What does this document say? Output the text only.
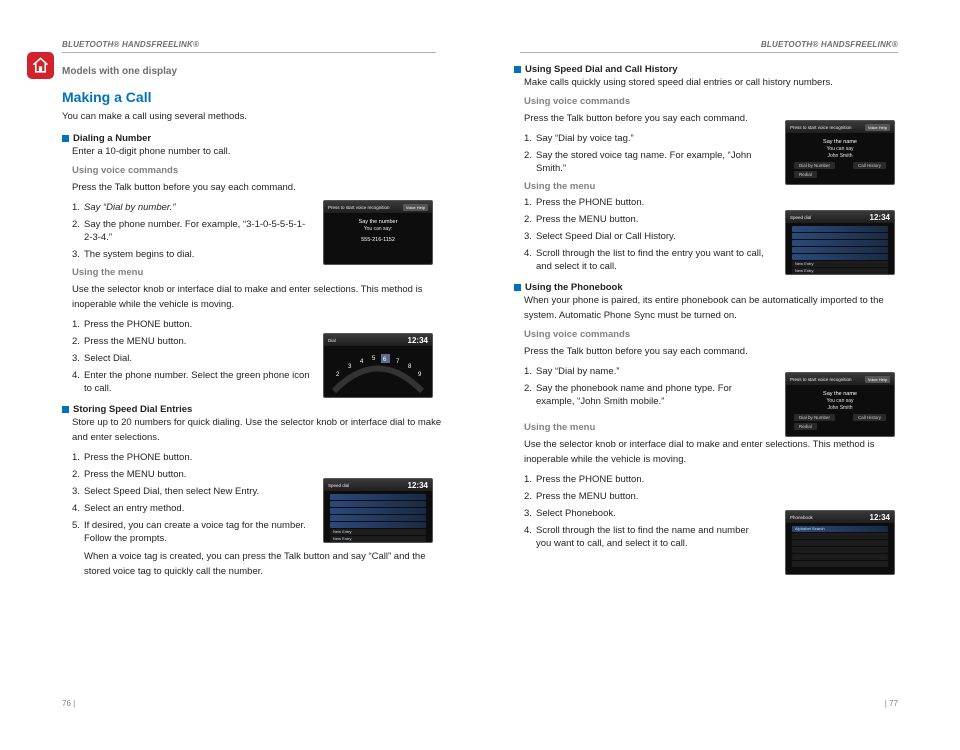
BLUETOOTH® HANDSFREELINK®
Models with one display
Making a Call

You can make a call using several methods.

Dialing a Number

Enter a 10-digit phone number to call.

Using voice commands

Press the Talk button before you say each command.

1. Say “Dial by number.”
2. Say the phone number. For example, “3-1-0-5-5-5-1-2-3-4.”
3. The system begins to dial.
Using the menu

Use the selector knob or interface dial to make and enter selections. This method is inoperable while the vehicle is moving.

1. Press the PHONE button.
2. Press the MENU button.
3. Select Dial.
4. Enter the phone number. Select the green phone icon to call.
Storing Speed Dial Entries

Store up to 20 numbers for quick dialing. Use the selector knob or interface dial to make and enter selections.

1. Press the PHONE button.
2. Press the MENU button.
3. Select Speed Dial, then select New Entry.
4. Select an entry method.
5. If desired, you can create a voice tag for the number. Follow the prompts.

When a voice tag is created, you can press the Talk button and say “Call” and the stored voice tag to quickly call the number.

Press to start voice recognition	Voice Help
Say the number
You can say:
555-216-1152
Dial	12:34
2
3
4 5 6 7
8
9
Speed dial	12:34
New Entry
New Entry
76 |
BLUETOOTH® HANDSFREELINK®
Using Speed Dial and Call History

Make calls quickly using stored speed dial entries or call history numbers.

Using voice commands

Press the Talk button before you say each command.

1. Say “Dial by voice tag.”
2. Say the stored voice tag name. For example, “John Smith.”
Using the menu
1. Press the PHONE button.
2. Press the MENU button.
3. Select Speed Dial or Call History.
4. Scroll through the list to find the entry you want to call, and select it to call.
Using the Phonebook

When your phone is paired, its entire phonebook can be automatically imported to the system. Automatic Phone Sync must be turned on.

Using voice commands

Press the Talk button before you say each command.

1. Say “Dial by name.”
2. Say the phonebook name and phone type. For example, “John Smith mobile.”
Using the menu

Use the selector knob or interface dial to make and enter selections. This method is inoperable while the vehicle is moving.

1. Press the PHONE button.
2. Press the MENU button.
3. Select Phonebook.
4. Scroll through the list to find the name and number you want to call, and select it to call.
Press to start voice recognition	Voice Help
Say the name
You can say
John Smith
Dial by Number	Call History
Redial
Speed dial	12:34
New Entry
New Entry
Press to start voice recognition	Voice Help
Say the name
You can say
John Smith
Dial by Number	Call History
Redial
Phonebook	12:34
Alphabet Search
| 77
